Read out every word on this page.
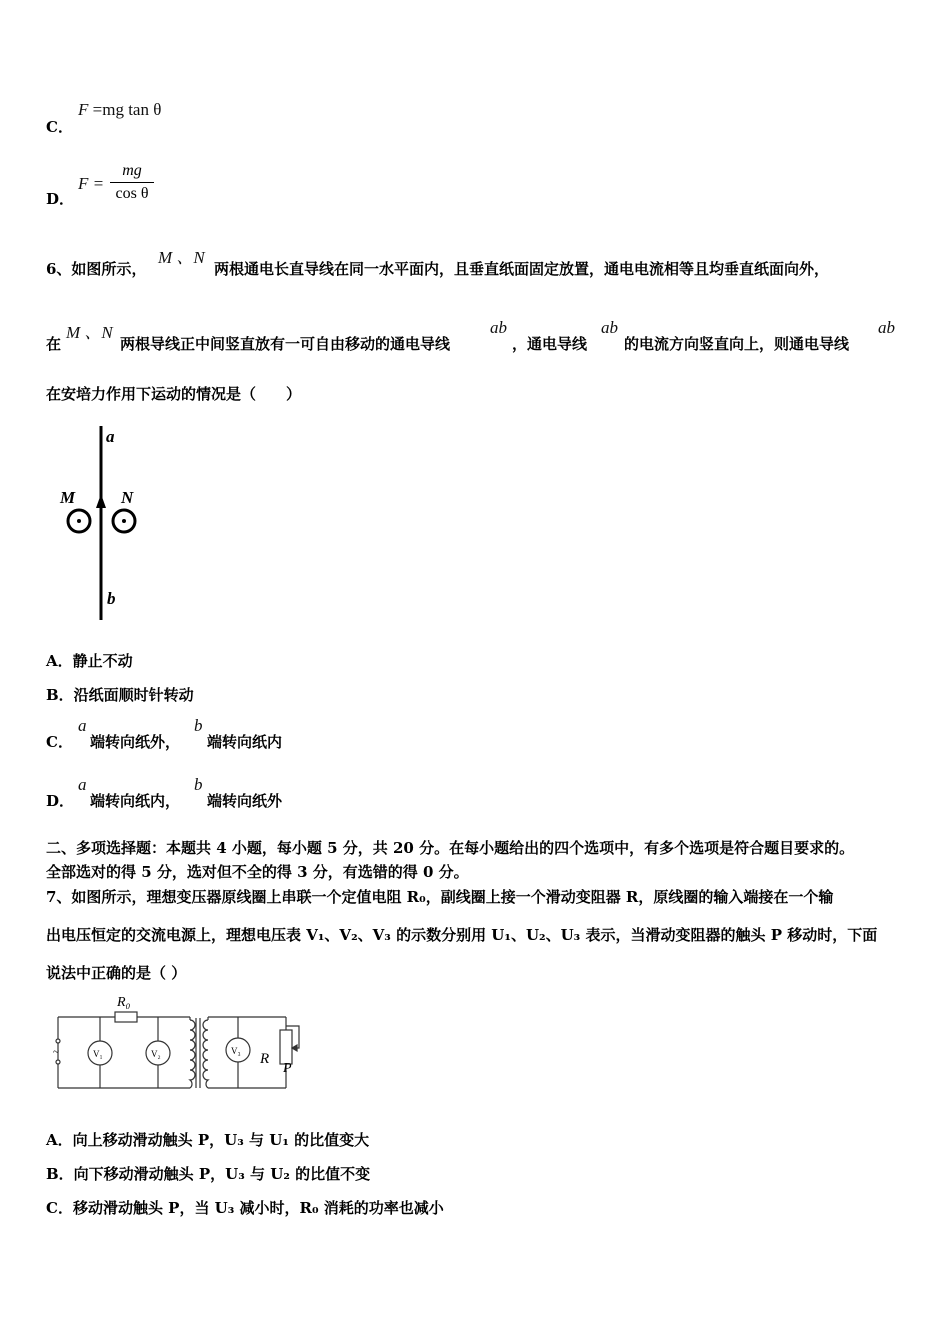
C．
F =mg tan θ
D．
F =
mg
cos θ
6、如图所示，
M 、N
两根通电长直导线在同一水平面内，且垂直纸面固定放置，通电电流相等且均垂直纸面向外，
在
M 、N
两根导线正中间竖直放有一可自由移动的通电导线
ab
，通电导线
ab
的电流方向竖直向上，则通电导线
ab
在安培力作用下运动的情况是（　　）
a
b
M	N
A．静止不动
B．沿纸面顺时针转动
C．
a
端转向纸外，
b
端转向纸内
D．
a
端转向纸内，
b
端转向纸外
二、多项选择题：本题共 4 小题，每小题 5 分，共 20 分。在每小题给出的四个选项中，有多个选项是符合题目要求的。
全部选对的得 5 分，选对但不全的得 3 分，有选错的得 0 分。
7、如图所示，理想变压器原线圈上串联一个定值电阻 R₀，副线圈上接一个滑动变阻器 R，原线圈的输入端接在一个输
出电压恒定的交流电源上，理想电压表 V₁、V₂、V₃ 的示数分别用 U₁、U₂、U₃ 表示，当滑动变阻器的触头 P 移动时，下面
说法中正确的是（ ）
R₀
V₁	V₂	V₃ R
P
~
A．向上移动滑动触头 P，U₃ 与 U₁ 的比值变大
B．向下移动滑动触头 P，U₃ 与 U₂ 的比值不变
C．移动滑动触头 P，当 U₃ 减小时，R₀ 消耗的功率也减小
